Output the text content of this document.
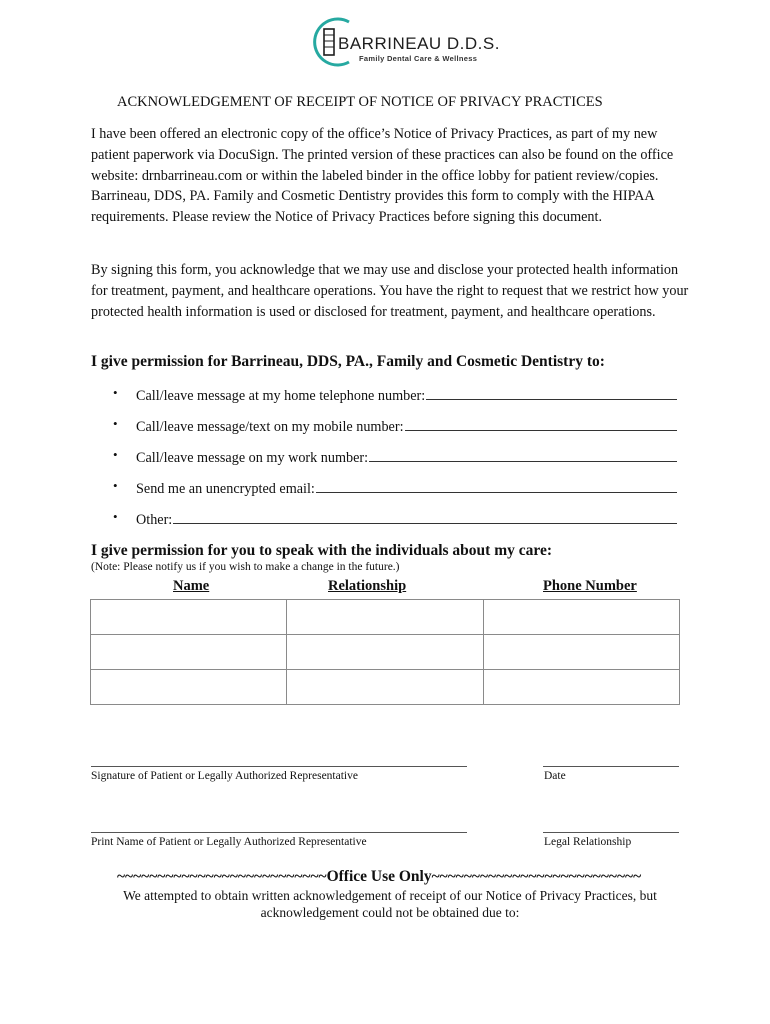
BARRINEAU D.D.S.
Family Dental Care & Wellness
ACKNOWLEDGEMENT OF RECEIPT OF NOTICE OF PRIVACY PRACTICES

I have been offered an electronic copy of the office’s Notice of Privacy Practices, as part of my new patient paperwork via DocuSign. The printed version of these practices can also be found on the office website: drnbarrineau.com or within the labeled binder in the office lobby for patient review/copies. Barrineau, DDS, PA. Family and Cosmetic Dentistry provides this form to comply with the HIPAA requirements. Please review the Notice of Privacy Practices before signing this document.

By signing this form, you acknowledge that we may use and disclose your protected health information for treatment, payment, and healthcare operations. You have the right to request that we restrict how your protected health information is used or disclosed for treatment, payment, and healthcare operations.

I give permission for Barrineau, DDS, PA., Family and Cosmetic Dentistry to:
•	Call/leave message at my home telephone number:
•	Call/leave message/text on my mobile number:
•	Call/leave message on my work number:
•	Send me an unencrypted email:
•	Other:
I give permission for you to speak with the individuals about my care:
(Note: Please notify us if you wish to make a change in the future.)
Name	Relationship	Phone Number

Signature of Patient or Legally Authorized Representative	Date
Print Name of Patient or Legally Authorized Representative	Legal Relationship
~~~~~~~~~~~~~~~~~~~~~~~~~~Office Use Only~~~~~~~~~~~~~~~~~~~~~~~~~~
We attempted to obtain written acknowledgement of receipt of our Notice of Privacy Practices, but acknowledgement could not be obtained due to:
